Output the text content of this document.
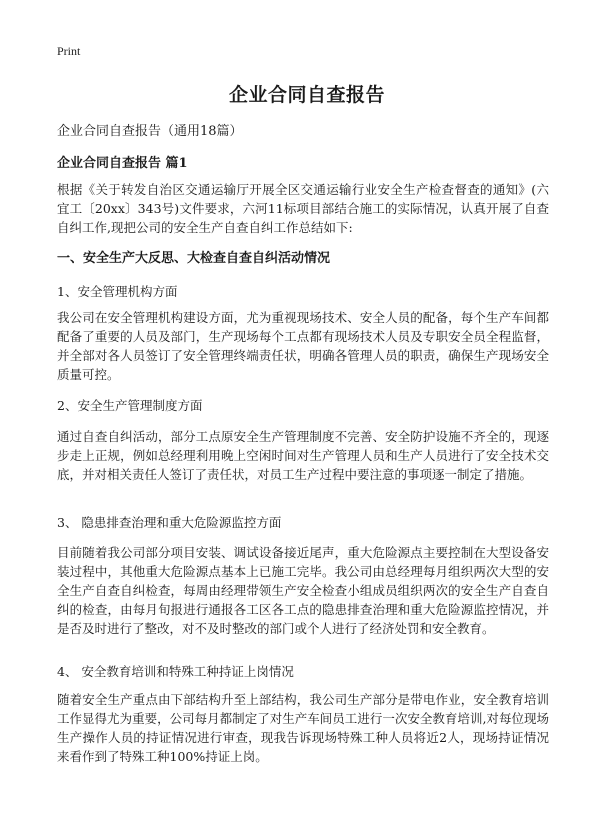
Print
企业合同自查报告
企业合同自查报告（通用18篇）
企业合同自查报告 篇1
根据《关于转发自治区交通运输厅开展全区交通运输行业安全生产检查督查的通知》(六宜工〔20xx〕343号)文件要求，六河11标项目部结合施工的实际情况，认真开展了自查自纠工作,现把公司的安全生产自查自纠工作总结如下:
一、安全生产大反思、大检查自查自纠活动情况
1、安全管理机构方面
我公司在安全管理机构建设方面，尤为重视现场技术、安全人员的配备，每个生产车间都配备了重要的人员及部门，生产现场每个工点都有现场技术人员及专职安全员全程监督，并全部对各人员签订了安全管理终端责任状，明确各管理人员的职责，确保生产现场安全质量可控。
2、安全生产管理制度方面
通过自查自纠活动，部分工点原安全生产管理制度不完善、安全防护设施不齐全的，现逐步走上正规，例如总经理利用晚上空闲时间对生产管理人员和生产人员进行了安全技术交底，并对相关责任人签订了责任状，对员工生产过程中要注意的事项逐一制定了措施。
3、 隐患排查治理和重大危险源监控方面
目前随着我公司部分项目安装、调试设备接近尾声，重大危险源点主要控制在大型设备安装过程中，其他重大危险源点基本上已施工完毕。我公司由总经理每月组织两次大型的安全生产自查自纠检查，每周由经理带领生产安全检查小组成员组织两次的安全生产自查自纠的检查，由每月旬报进行通报各工区各工点的隐患排查治理和重大危险源监控情况，并是否及时进行了整改，对不及时整改的部门或个人进行了经济处罚和安全教育。
4、 安全教育培训和特殊工种持证上岗情况
随着安全生产重点由下部结构升至上部结构，我公司生产部分是带电作业，安全教育培训工作显得尤为重要，公司每月都制定了对生产车间员工进行一次安全教育培训,对每位现场生产操作人员的持证情况进行审查，现我告诉现场特殊工种人员将近2人，现场持证情况来看作到了特殊工种100%持证上岗。
